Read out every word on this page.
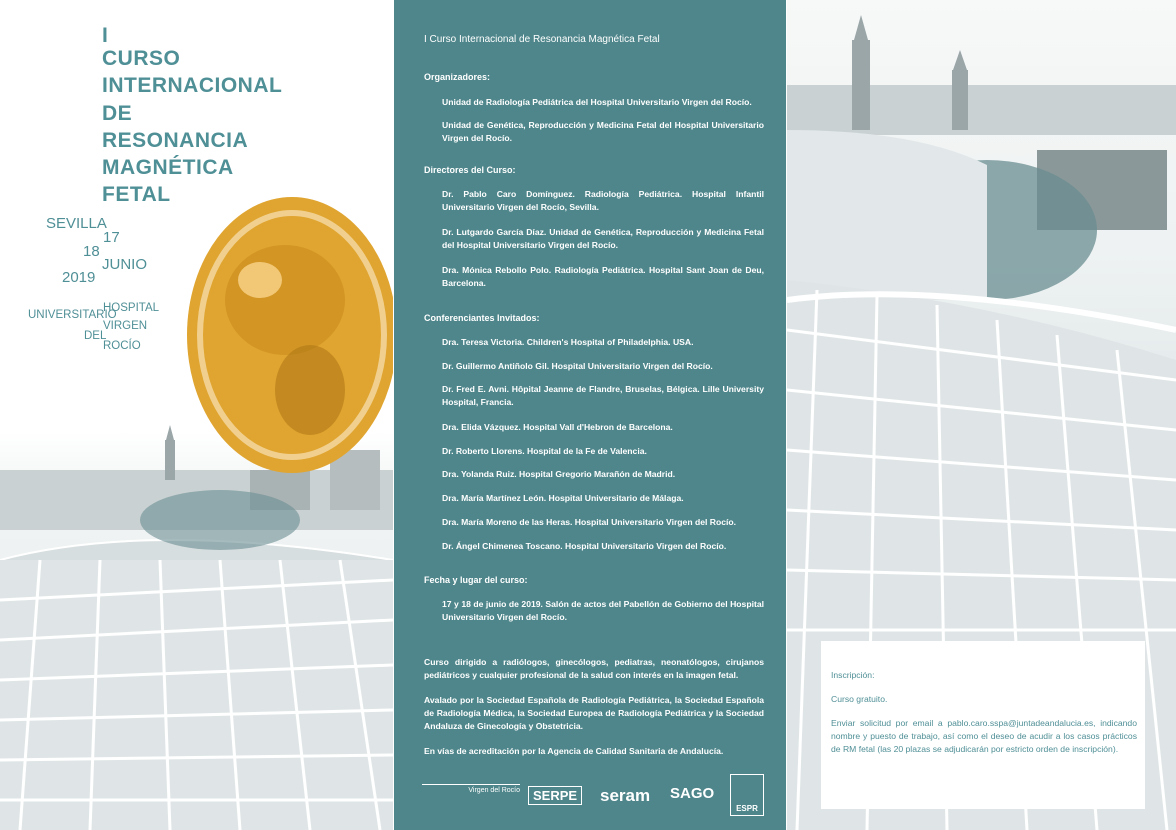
I
CURSO
INTERNACIONAL
DE
RESONANCIA
MAGNÉTICA
FETAL
SEVILLA
17
18
JUNIO
2019
HOSPITAL
UNIVERSITARIO
VIRGEN
DEL
ROCÍO
I Curso Internacional de Resonancia Magnética Fetal
Organizadores:
Unidad de Radiología Pediátrica del Hospital Universitario Virgen del Rocío.
Unidad de Genética, Reproducción y Medicina Fetal del Hospital Universitario Virgen del Rocío.
Directores del Curso:
Dr. Pablo Caro Domínguez. Radiología Pediátrica. Hospital Infantil Universitario Virgen del Rocío, Sevilla.
Dr. Lutgardo García Díaz. Unidad de Genética, Reproducción y Medicina Fetal del Hospital Universitario Virgen del Rocío.
Dra. Mónica Rebollo Polo. Radiología Pediátrica. Hospital Sant Joan de Deu, Barcelona.
Conferenciantes Invitados:
Dra. Teresa Victoria. Children's Hospital of Philadelphia. USA.
Dr. Guillermo Antiñolo Gil. Hospital Universitario Virgen del Rocío.
Dr. Fred E. Avni. Hôpital Jeanne de Flandre, Bruselas, Bélgica. Lille University Hospital, Francia.
Dra. Elida Vázquez. Hospital Vall d'Hebron de Barcelona.
Dr. Roberto Llorens. Hospital de la Fe de Valencia.
Dra. Yolanda Ruiz. Hospital Gregorio Marañón de Madrid.
Dra. María Martínez León. Hospital Universitario de Málaga.
Dra. María Moreno de las Heras. Hospital Universitario Virgen del Rocío.
Dr. Ángel Chimenea Toscano. Hospital Universitario Virgen del Rocío.
Fecha y lugar del curso:
17 y 18 de junio de 2019. Salón de actos del Pabellón de Gobierno del Hospital Universitario Virgen del Rocío.
Curso dirigido a radiólogos, ginecólogos, pediatras, neonatólogos, cirujanos pediátricos y cualquier profesional de la salud con interés en la imagen fetal.
Avalado por la Sociedad Española de Radiología Pediátrica, la Sociedad Española de Radiología Médica, la Sociedad Europea de Radiología Pediátrica y la Sociedad Andaluza de Ginecología y Obstetricia.
En vías de acreditación por la Agencia de Calidad Sanitaria de Andalucía.
Virgen del Rocío	SERPE seram SAGO
ESPR
Inscripción:
Curso gratuito.
Enviar solicitud por email a pablo.caro.sspa@juntadeandalucia.es, indicando nombre y puesto de trabajo, así como el deseo de acudir a los casos prácticos de RM fetal (las 20 plazas se adjudicarán por estricto orden de inscripción).
